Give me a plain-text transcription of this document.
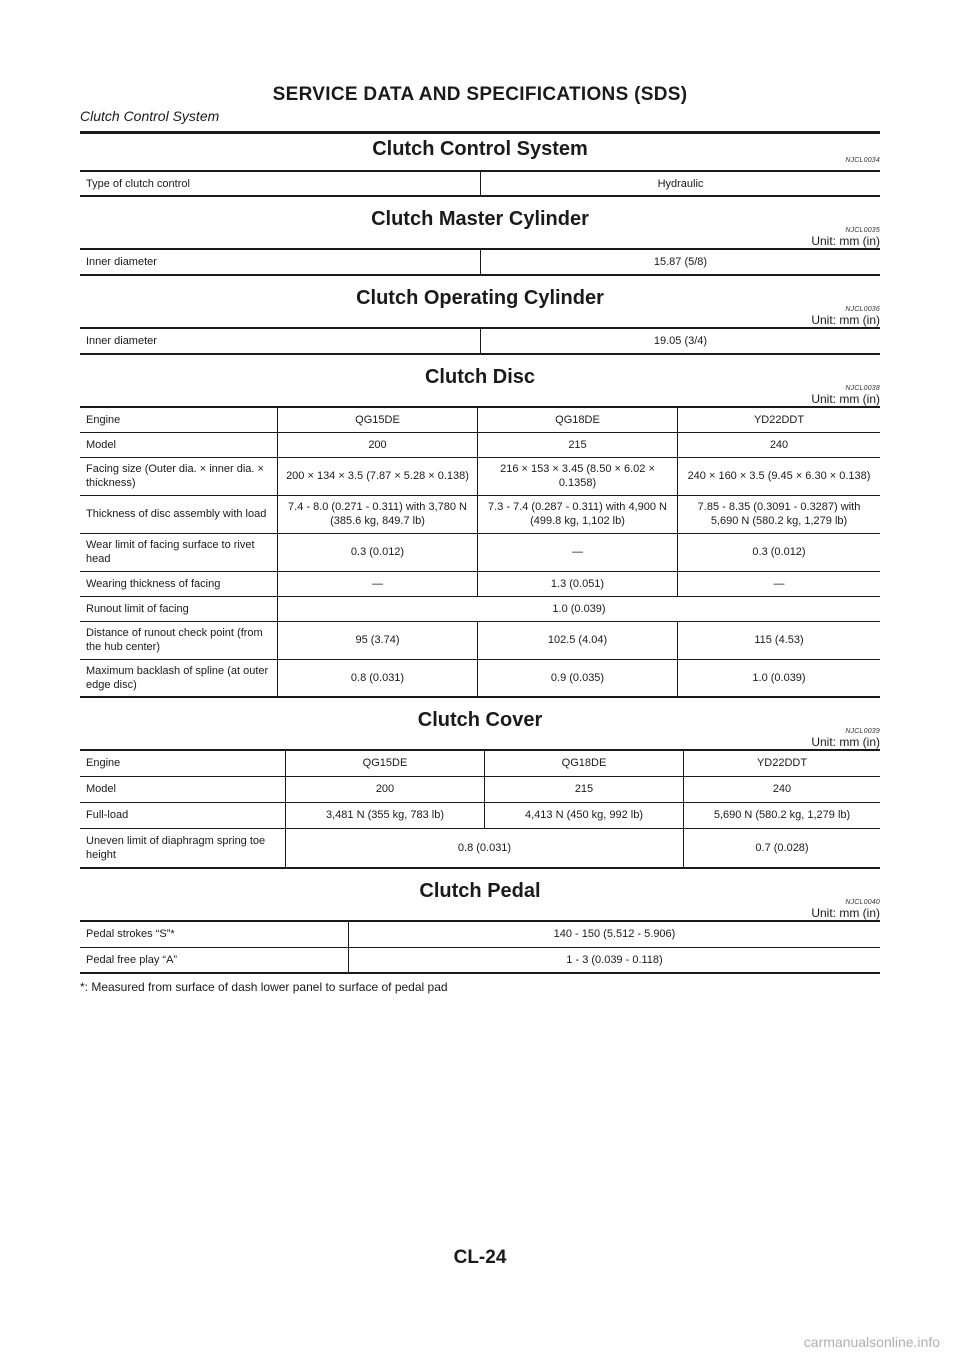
SERVICE DATA AND SPECIFICATIONS (SDS)
Clutch Control System
Clutch Control System
NJCL0034
Type of clutch control	Hydraulic
Clutch Master Cylinder
NJCL0035
Unit: mm (in)
Inner diameter	15.87 (5/8)
Clutch Operating Cylinder
NJCL0036
Unit: mm (in)
Inner diameter	19.05 (3/4)
Clutch Disc
NJCL0038
Unit: mm (in)
Engine	QG15DE	QG18DE	YD22DDT
Model	200	215	240
Facing size (Outer dia. × inner dia. × thickness)	200 × 134 × 3.5 (7.87 × 5.28 × 0.138)	216 × 153 × 3.45 (8.50 × 6.02 × 0.1358)	240 × 160 × 3.5 (9.45 × 6.30 × 0.138)
Thickness of disc assembly with load	7.4 - 8.0 (0.271 - 0.311) with 3,780 N (385.6 kg, 849.7 lb)	7.3 - 7.4 (0.287 - 0.311) with 4,900 N (499.8 kg, 1,102 lb)	7.85 - 8.35 (0.3091 - 0.3287) with 5,690 N (580.2 kg, 1,279 lb)
Wear limit of facing surface to rivet head	0.3 (0.012)	—	0.3 (0.012)
Wearing thickness of facing	—	1.3 (0.051)	—
Runout limit of facing	1.0 (0.039)		
Distance of runout check point (from the hub center)	95 (3.74)	102.5 (4.04)	115 (4.53)
Maximum backlash of spline (at outer edge disc)	0.8 (0.031)	0.9 (0.035)	1.0 (0.039)
Clutch Cover
NJCL0039
Unit: mm (in)
Engine	QG15DE	QG18DE	YD22DDT
Model	200	215	240
Full-load	3,481 N (355 kg, 783 lb)	4,413 N (450 kg, 992 lb)	5,690 N (580.2 kg, 1,279 lb)
Uneven limit of diaphragm spring toe height	0.8 (0.031)		0.7 (0.028)
Clutch Pedal
NJCL0040
Unit: mm (in)
Pedal strokes “S”*	140 - 150 (5.512 - 5.906)
Pedal free play “A”	1 - 3 (0.039 - 0.118)
*: Measured from surface of dash lower panel to surface of pedal pad
CL-24
carmanualsonline.info
